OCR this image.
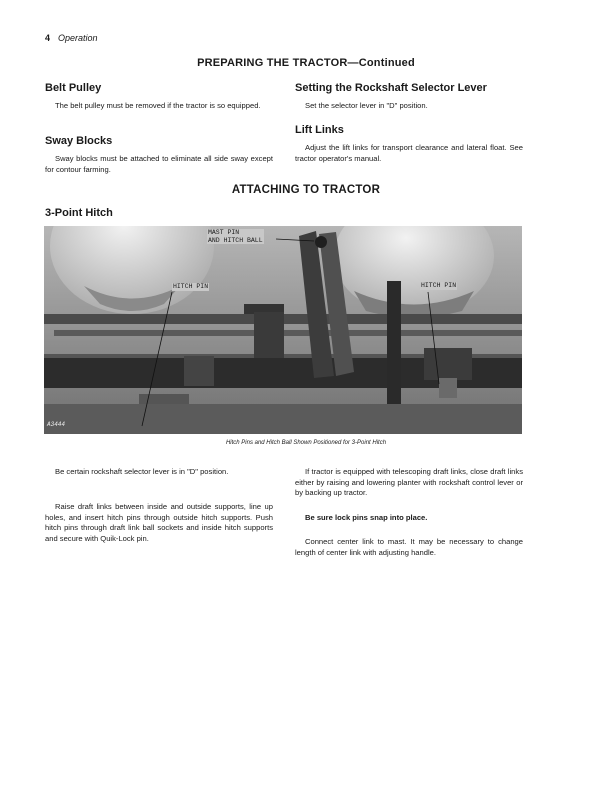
4 Operation
PREPARING THE TRACTOR—Continued
Belt Pulley
The belt pulley must be removed if the tractor is so equipped.
Sway Blocks
Sway blocks must be attached to eliminate all side sway except for contour farming.
Setting the Rockshaft Selector Lever
Set the selector lever in "D" position.
Lift Links
Adjust the lift links for transport clearance and lateral float. See tractor operator's manual.
ATTACHING TO TRACTOR
3-Point Hitch
MAST PIN
AND HITCH BALL
HITCH PIN	HITCH PIN
A3444
Hitch Pins and Hitch Ball Shown Positioned for 3-Point Hitch
Be certain rockshaft selector lever is in "D" position.
Raise draft links between inside and outside supports, line up holes, and insert hitch pins through outside hitch supports. Push hitch pins through draft link ball sockets and inside hitch supports and secure with Quik-Lock pin.
If tractor is equipped with telescoping draft links, close draft links either by raising and lowering planter with rockshaft control lever or by backing up tractor.
Be sure lock pins snap into place.
Connect center link to mast. It may be necessary to change length of center link with adjusting handle.
